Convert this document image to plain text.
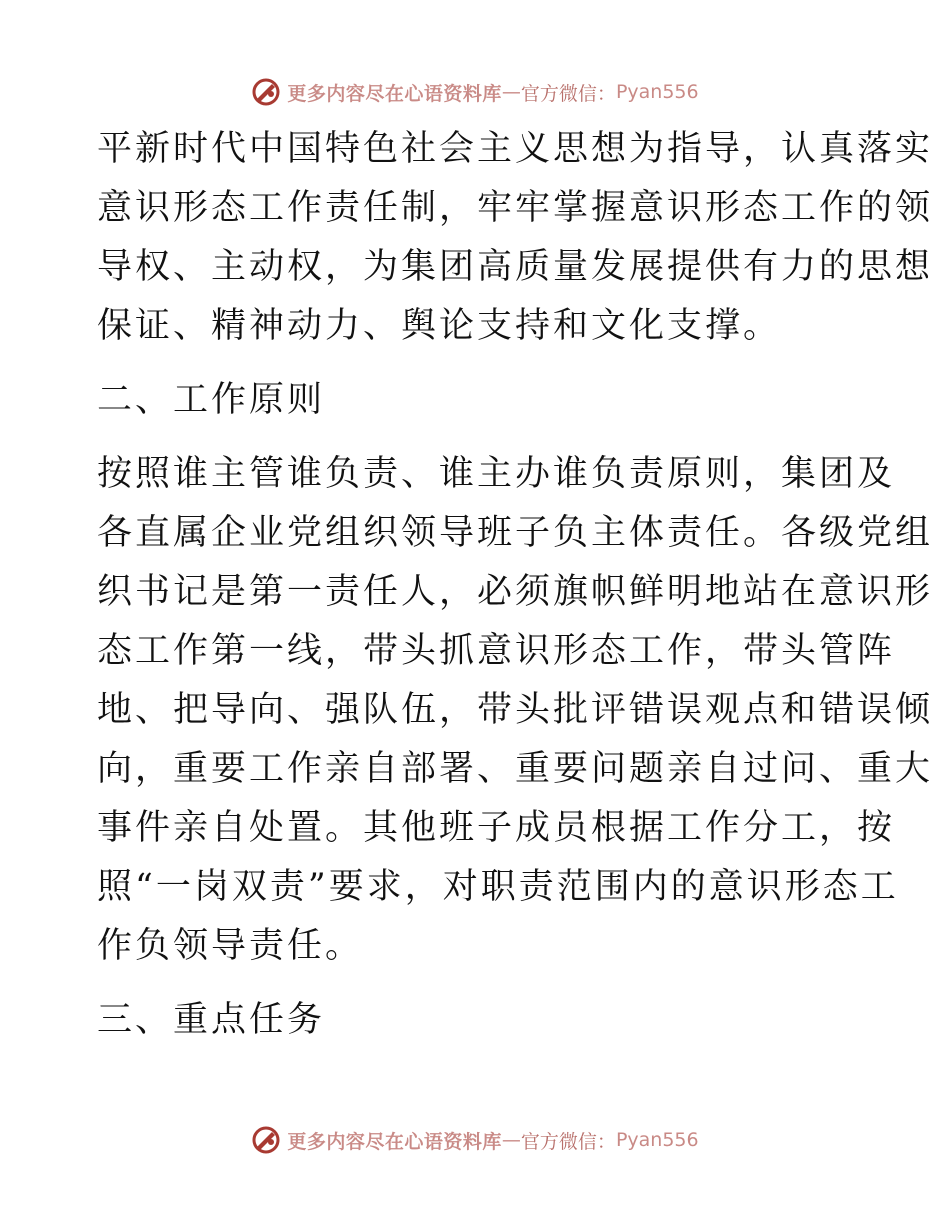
更多内容尽在心语资料库 — 官方微信： Pyan556
平新时代中国特色社会主义思想为指导，认真落实
意识形态工作责任制，牢牢掌握意识形态工作的领
导权、主动权，为集团高质量发展提供有力的思想
保证、精神动力、舆论支持和文化支撑。
二、工作原则
按照谁主管谁负责、谁主办谁负责原则，集团及
各直属企业党组织领导班子负主体责任。各级党组
织书记是第一责任人，必须旗帜鲜明地站在意识形
态工作第一线，带头抓意识形态工作，带头管阵
地、把导向、强队伍，带头批评错误观点和错误倾
向，重要工作亲自部署、重要问题亲自过问、重大
事件亲自处置。其他班子成员根据工作分工，按
照“一岗双责”要求，对职责范围内的意识形态工
作负领导责任。
三、重点任务
更多内容尽在心语资料库 — 官方微信： Pyan556
